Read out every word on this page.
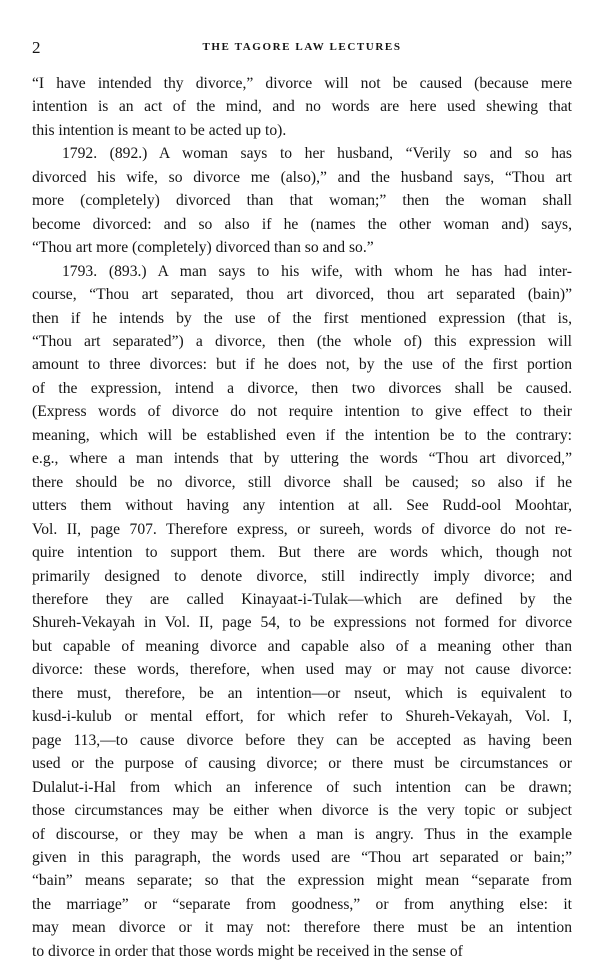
2	THE TAGORE LAW LECTURES

“I have intended thy divorce,” divorce will not be caused (because mere
intention is an act of the mind, and no words are here used shewing that
this intention is meant to be acted up to).

1792. (892.) A woman says to her husband, “Verily so and so has
divorced his wife, so divorce me (also),” and the husband says, “Thou art
more (completely) divorced than that woman;” then the woman shall
become divorced: and so also if he (names the other woman and) says,
“Thou art more (completely) divorced than so and so.”

1793. (893.) A man says to his wife, with whom he has had inter-
course, “Thou art separated, thou art divorced, thou art separated (bain)”
then if he intends by the use of the first mentioned expression (that is,
“Thou art separated”) a divorce, then (the whole of) this expression will
amount to three divorces: but if he does not, by the use of the first portion
of the expression, intend a divorce, then two divorces shall be caused.
(Express words of divorce do not require intention to give effect to their
meaning, which will be established even if the intention be to the contrary:
e.g., where a man intends that by uttering the words “Thou art divorced,”
there should be no divorce, still divorce shall be caused; so also if he
utters them without having any intention at all. See Rudd-ool Moohtar,
Vol. II, page 707. Therefore express, or sureeh, words of divorce do not re-
quire intention to support them. But there are words which, though not
primarily designed to denote divorce, still indirectly imply divorce; and
therefore they are called Kinayaat-i-Tulak—which are defined by the
Shureh-Vekayah in Vol. II, page 54, to be expressions not formed for divorce
but capable of meaning divorce and capable also of a meaning other than
divorce: these words, therefore, when used may or may not cause divorce:
there must, therefore, be an intention—or nseut, which is equivalent to
kusd-i-kulub or mental effort, for which refer to Shureh-Vekayah, Vol. I,
page 113,—to cause divorce before they can be accepted as having been
used or the purpose of causing divorce; or there must be circumstances or
Dulalut-i-Hal from which an inference of such intention can be drawn;
those circumstances may be either when divorce is the very topic or subject
of discourse, or they may be when a man is angry. Thus in the example
given in this paragraph, the words used are “Thou art separated or bain;”
“bain” means separate; so that the expression might mean “separate from
the marriage” or “separate from goodness,” or from anything else: it
may mean divorce or it may not: therefore there must be an intention
to divorce in order that those words might be received in the sense of
